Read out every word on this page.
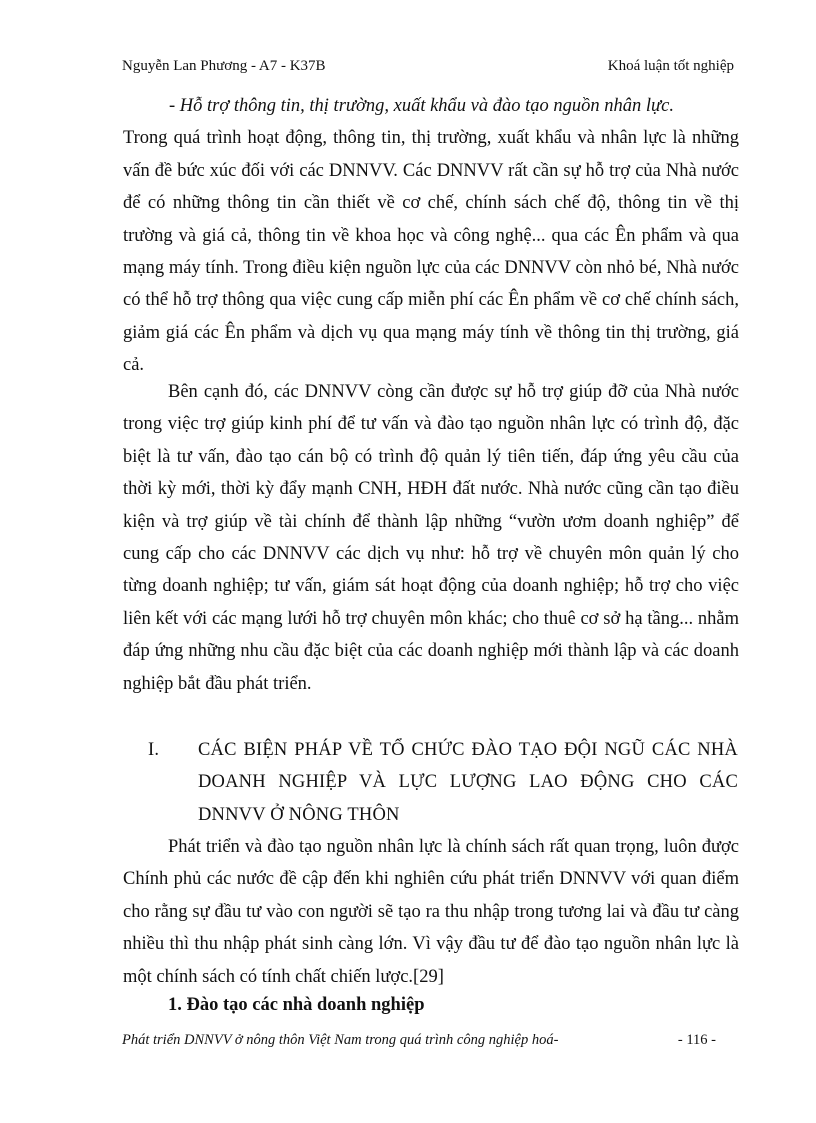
Nguyễn Lan Phương - A7 - K37B	Khoá luận tốt nghiệp
- Hỗ trợ thông tin, thị trường, xuất khẩu và đào tạo nguồn nhân lực.
Trong quá trình hoạt động, thông tin, thị trường, xuất khẩu và nhân lực là những vấn đề bức xúc đối với các DNNVV. Các DNNVV rất cần sự hỗ trợ của Nhà nước để có những thông tin cần thiết về cơ chế, chính sách chế độ, thông tin về thị trường và giá cả, thông tin về khoa học và công nghệ... qua các Ên phẩm và qua mạng máy tính. Trong điều kiện nguồn lực của các DNNVV còn nhỏ bé, Nhà nước có thể hỗ trợ thông qua việc cung cấp miễn phí các Ên phẩm về cơ chế chính sách, giảm giá các Ên phẩm và dịch vụ qua mạng máy tính về thông tin thị trường, giá cả.
Bên cạnh đó, các DNNVV còng cần được sự hỗ trợ giúp đỡ của Nhà nước trong việc trợ giúp kinh phí để tư vấn và đào tạo nguồn nhân lực có trình độ, đặc biệt là tư vấn, đào tạo cán bộ có trình độ quản lý tiên tiến, đáp ứng yêu cầu của thời kỳ mới, thời kỳ đẩy mạnh CNH, HĐH đất nước. Nhà nước cũng cần tạo điều kiện và trợ giúp về tài chính để thành lập những “vườn ươm doanh nghiệp” để cung cấp cho các DNNVV các dịch vụ như: hỗ trợ về chuyên môn quản lý cho từng doanh nghiệp; tư vấn, giám sát hoạt động của doanh nghiệp; hỗ trợ cho việc liên kết với các mạng lưới hỗ trợ chuyên môn khác; cho thuê cơ sở hạ tầng... nhằm đáp ứng những nhu cầu đặc biệt của các doanh nghiệp mới thành lập và các doanh nghiệp bắt đầu phát triển.
I.	CÁC BIỆN PHÁP VỀ TỔ CHỨC ĐÀO TẠO ĐỘI NGŨ CÁC NHÀ DOANH NGHIỆP VÀ LỰC LƯỢNG LAO ĐỘNG CHO CÁC DNNVV Ở NÔNG THÔN
Phát triển và đào tạo nguồn nhân lực là chính sách rất quan trọng, luôn được Chính phủ các nước đề cập đến khi nghiên cứu phát triển DNNVV với quan điểm cho rằng sự đầu tư vào con người sẽ tạo ra thu nhập trong tương lai và đầu tư càng nhiều thì thu nhập phát sinh càng lớn. Vì vậy đầu tư để đào tạo nguồn nhân lực là một chính sách có tính chất chiến lược.[29]
1. Đào tạo các nhà doanh nghiệp
Phát triển DNNVV ở nông thôn Việt Nam trong quá trình công nghiệp hoá-	- 116 -
